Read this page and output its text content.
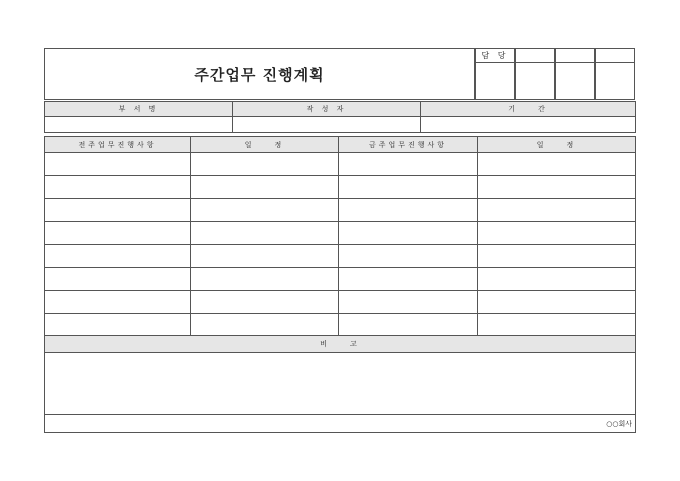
주간업무 진행계획
담 당
부 서 명	작 성 자	기　　간

전주업무진행사항	일　　정	금주업무진행사항	일　　정

비　　고			

○○회사			
